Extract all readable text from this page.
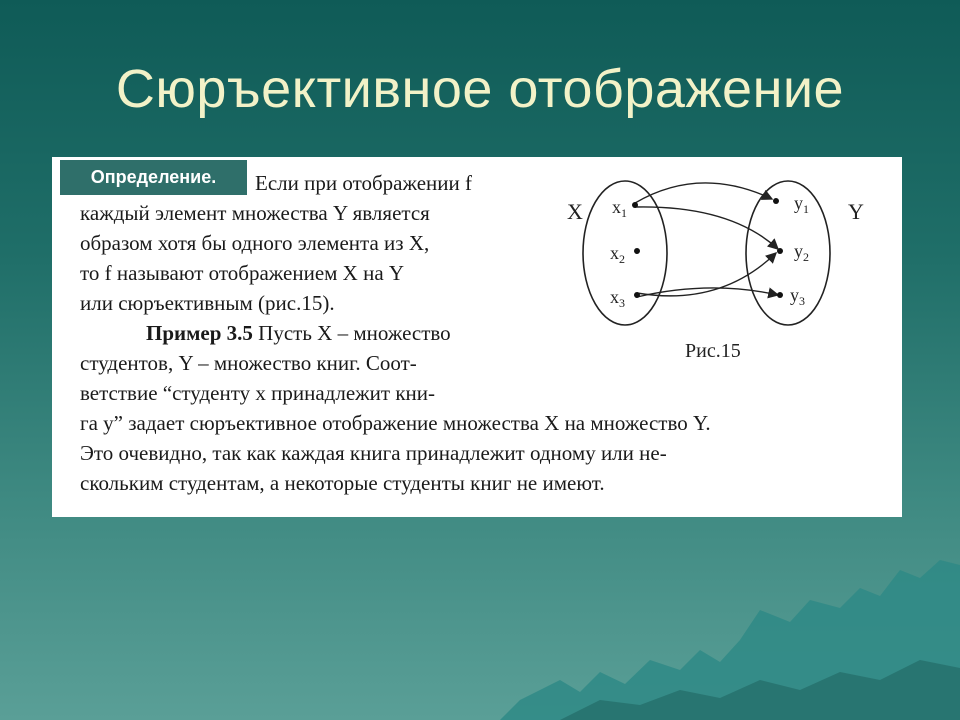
Сюръективное отображение
Определение.	Если при отображении f
каждый элемент множества Y является
образом хотя бы одного элемента из X,
то f называют отображением X на Y
или сюръективным (рис.15).
Пример 3.5 Пусть X – множество
студентов, Y – множество книг. Соот-
ветствие “студенту x принадлежит кни-
га y” задает сюръективное отображение множества X на множество Y.
Это очевидно, так как каждая книга принадлежит одному или не-
скольким студентам, а некоторые студенты книг не имеют.
X	Y
$x_1$
$x_2$
$x_3$
$y_1$
$y_2$
$y_3$
Рис.15
